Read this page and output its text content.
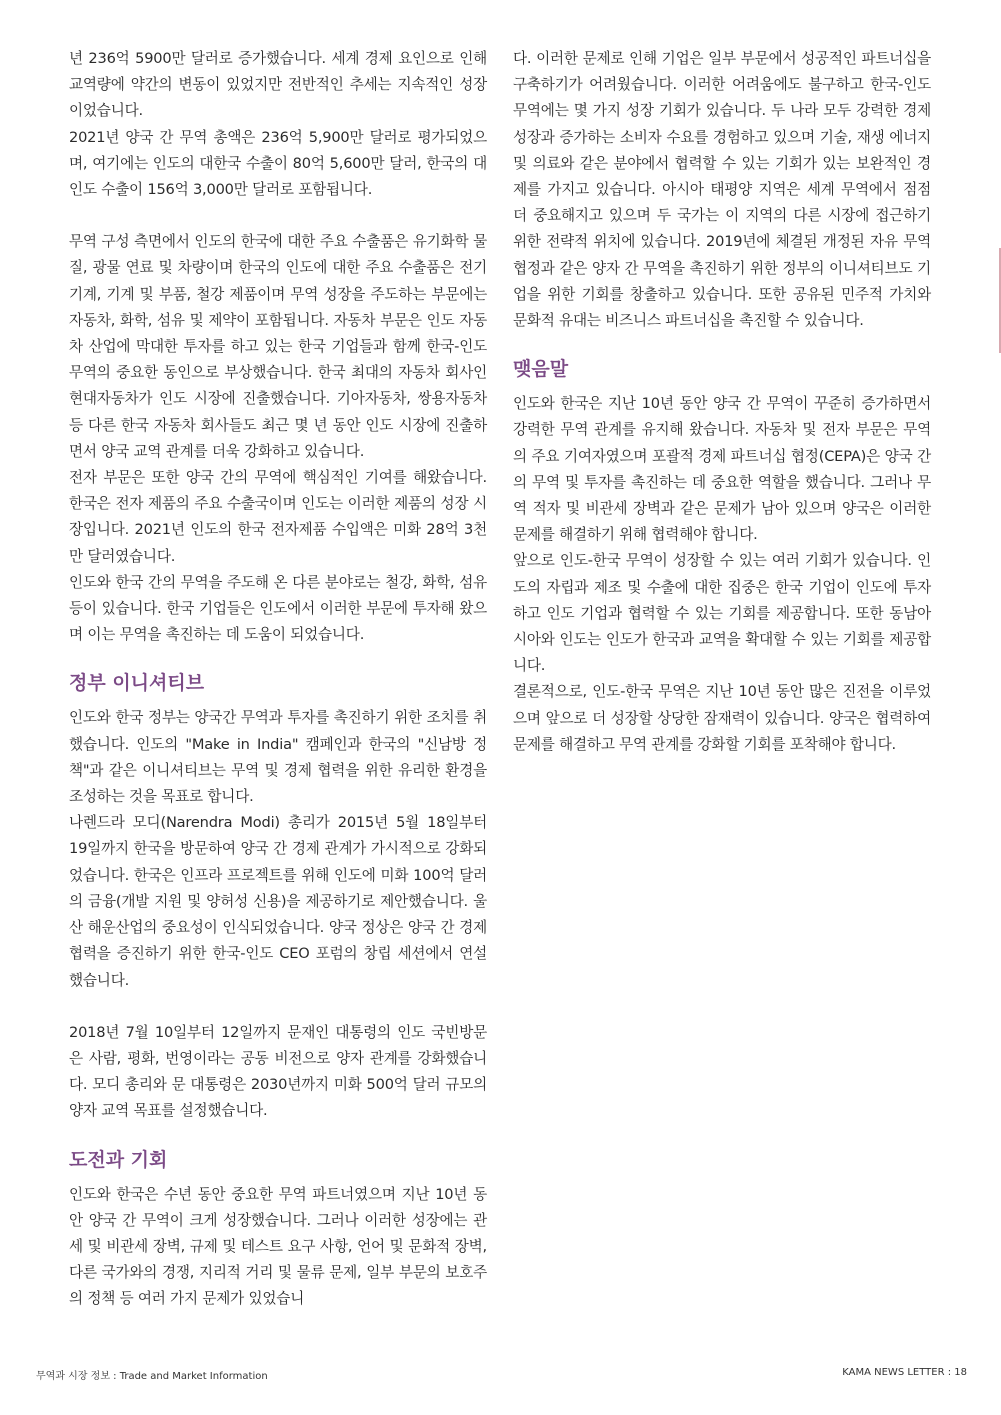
년 236억 5900만 달러로 증가했습니다. 세계 경제 요인으로 인해 교역량에 약간의 변동이 있었지만 전반적인 추세는 지속적인 성장이었습니다.

2021년 양국 간 무역 총액은 236억 5,900만 달러로 평가되었으며, 여기에는 인도의 대한국 수출이 80억 5,600만 달러, 한국의 대인도 수출이 156억 3,000만 달러로 포함됩니다.

무역 구성 측면에서 인도의 한국에 대한 주요 수출품은 유기화학 물질, 광물 연료 및 차량이며 한국의 인도에 대한 주요 수출품은 전기 기계, 기계 및 부품, 철강 제품이며 무역 성장을 주도하는 부문에는 자동차, 화학, 섬유 및 제약이 포함됩니다. 자동차 부문은 인도 자동차 산업에 막대한 투자를 하고 있는 한국 기업들과 함께 한국-인도 무역의 중요한 동인으로 부상했습니다. 한국 최대의 자동차 회사인 현대자동차가 인도 시장에 진출했습니다. 기아자동차, 쌍용자동차 등 다른 한국 자동차 회사들도 최근 몇 년 동안 인도 시장에 진출하면서 양국 교역 관계를 더욱 강화하고 있습니다.

전자 부문은 또한 양국 간의 무역에 핵심적인 기여를 해왔습니다. 한국은 전자 제품의 주요 수출국이며 인도는 이러한 제품의 성장 시장입니다. 2021년 인도의 한국 전자제품 수입액은 미화 28억 3천만 달러였습니다.

인도와 한국 간의 무역을 주도해 온 다른 분야로는 철강, 화학, 섬유 등이 있습니다. 한국 기업들은 인도에서 이러한 부문에 투자해 왔으며 이는 무역을 촉진하는 데 도움이 되었습니다.

정부 이니셔티브

인도와 한국 정부는 양국간 무역과 투자를 촉진하기 위한 조치를 취했습니다. 인도의 "Make in India" 캠페인과 한국의 "신남방 정책"과 같은 이니셔티브는 무역 및 경제 협력을 위한 유리한 환경을 조성하는 것을 목표로 합니다.

나렌드라 모디(Narendra Modi) 총리가 2015년 5월 18일부터 19일까지 한국을 방문하여 양국 간 경제 관계가 가시적으로 강화되었습니다. 한국은 인프라 프로젝트를 위해 인도에 미화 100억 달러의 금융(개발 지원 및 양허성 신용)을 제공하기로 제안했습니다. 울산 해운산업의 중요성이 인식되었습니다. 양국 정상은 양국 간 경제 협력을 증진하기 위한 한국-인도 CEO 포럼의 창립 세션에서 연설했습니다.

2018년 7월 10일부터 12일까지 문재인 대통령의 인도 국빈방문은 사람, 평화, 번영이라는 공동 비전으로 양자 관계를 강화했습니다. 모디 총리와 문 대통령은 2030년까지 미화 500억 달러 규모의 양자 교역 목표를 설정했습니다.

도전과 기회

인도와 한국은 수년 동안 중요한 무역 파트너였으며 지난 10년 동안 양국 간 무역이 크게 성장했습니다. 그러나 이러한 성장에는 관세 및 비관세 장벽, 규제 및 테스트 요구 사항, 언어 및 문화적 장벽, 다른 국가와의 경쟁, 지리적 거리 및 물류 문제, 일부 부문의 보호주의 정책 등 여러 가지 문제가 있었습니

다. 이러한 문제로 인해 기업은 일부 부문에서 성공적인 파트너십을 구축하기가 어려웠습니다. 이러한 어려움에도 불구하고 한국-인도 무역에는 몇 가지 성장 기회가 있습니다. 두 나라 모두 강력한 경제 성장과 증가하는 소비자 수요를 경험하고 있으며 기술, 재생 에너지 및 의료와 같은 분야에서 협력할 수 있는 기회가 있는 보완적인 경제를 가지고 있습니다. 아시아 태평양 지역은 세계 무역에서 점점 더 중요해지고 있으며 두 국가는 이 지역의 다른 시장에 접근하기 위한 전략적 위치에 있습니다. 2019년에 체결된 개정된 자유 무역 협정과 같은 양자 간 무역을 촉진하기 위한 정부의 이니셔티브도 기업을 위한 기회를 창출하고 있습니다. 또한 공유된 민주적 가치와 문화적 유대는 비즈니스 파트너십을 촉진할 수 있습니다.

맺음말

인도와 한국은 지난 10년 동안 양국 간 무역이 꾸준히 증가하면서 강력한 무역 관계를 유지해 왔습니다. 자동차 및 전자 부문은 무역의 주요 기여자였으며 포괄적 경제 파트너십 협정(CEPA)은 양국 간의 무역 및 투자를 촉진하는 데 중요한 역할을 했습니다. 그러나 무역 적자 및 비관세 장벽과 같은 문제가 남아 있으며 양국은 이러한 문제를 해결하기 위해 협력해야 합니다.

앞으로 인도-한국 무역이 성장할 수 있는 여러 기회가 있습니다. 인도의 자립과 제조 및 수출에 대한 집중은 한국 기업이 인도에 투자하고 인도 기업과 협력할 수 있는 기회를 제공합니다. 또한 동남아시아와 인도는 인도가 한국과 교역을 확대할 수 있는 기회를 제공합니다.

결론적으로, 인도-한국 무역은 지난 10년 동안 많은 진전을 이루었으며 앞으로 더 성장할 상당한 잠재력이 있습니다. 양국은 협력하여 문제를 해결하고 무역 관계를 강화할 기회를 포착해야 합니다.

무역과 시장 정보 : Trade and Market Information	KAMA NEWS LETTER : 18
